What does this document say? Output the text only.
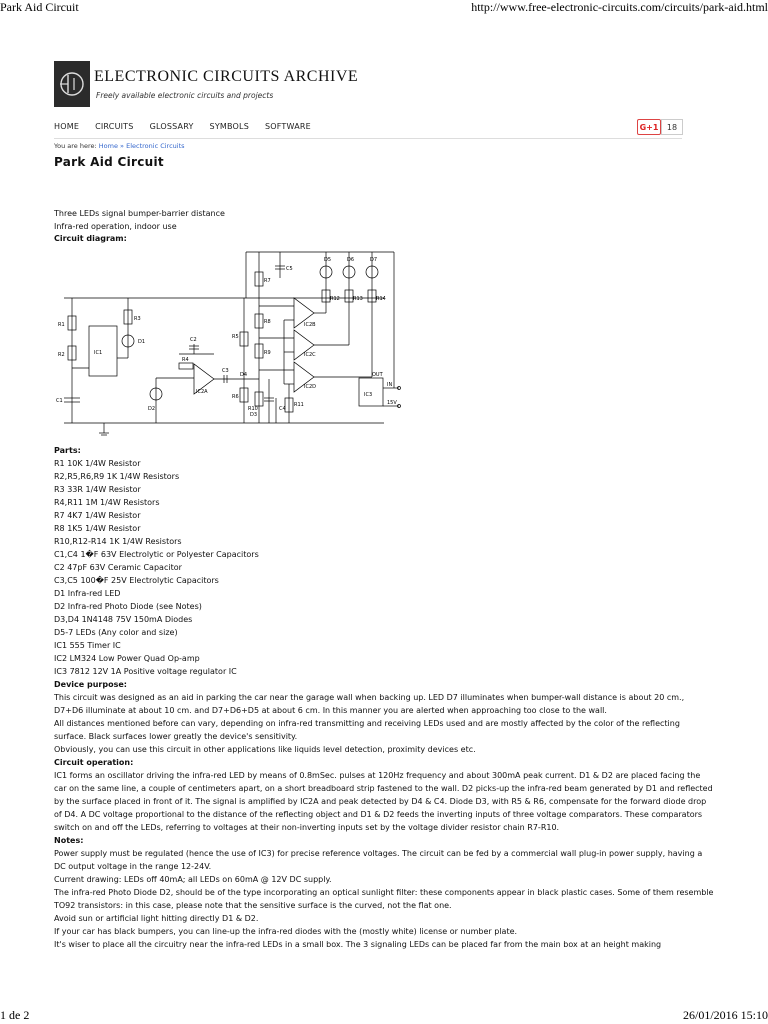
Park Aid Circuit	http://www.free-electronic-circuits.com/circuits/park-aid.html
ELECTRONIC CIRCUITS ARCHIVE
Freely available electronic circuits and projects
HOME CIRCUITS GLOSSARY SYMBOLS SOFTWARE	G+1	18
You are here: Home » Electronic Circuits
Park Aid Circuit
Three LEDs signal bumper-barrier distance
Infra-red operation, indoor use
Circuit diagram:
R1
R2
R3
R4
R5
R6
R7
R8
R9
R10
R11
R12	R13	R14
C1
C2
C3
C4
C5
D1
D2
D3
D4
D5	D6	D7
IC1
IC2A
IC2B
IC2C
IC2D
IC3
OUT
IN
15V
Parts:
R1 10K 1/4W Resistor
R2,R5,R6,R9 1K 1/4W Resistors
R3 33R 1/4W Resistor
R4,R11 1M 1/4W Resistors
R7 4K7 1/4W Resistor
R8 1K5 1/4W Resistor
R10,R12-R14 1K 1/4W Resistors
C1,C4 1�F 63V Electrolytic or Polyester Capacitors
C2 47pF 63V Ceramic Capacitor
C3,C5 100�F 25V Electrolytic Capacitors
D1 Infra-red LED
D2 Infra-red Photo Diode (see Notes)
D3,D4 1N4148 75V 150mA Diodes
D5-7 LEDs (Any color and size)
IC1 555 Timer IC
IC2 LM324 Low Power Quad Op-amp
IC3 7812 12V 1A Positive voltage regulator IC

Device purpose:

This circuit was designed as an aid in parking the car near the garage wall when backing up. LED D7 illuminates when bumper-wall distance is about 20 cm., D7+D6 illuminate at about 10 cm. and D7+D6+D5 at about 6 cm. In this manner you are alerted when approaching too close to the wall.

All distances mentioned before can vary, depending on infra-red transmitting and receiving LEDs used and are mostly affected by the color of the reflecting surface. Black surfaces lower greatly the device's sensitivity.

Obviously, you can use this circuit in other applications like liquids level detection, proximity devices etc.

Circuit operation:

IC1 forms an oscillator driving the infra-red LED by means of 0.8mSec. pulses at 120Hz frequency and about 300mA peak current. D1 & D2 are placed facing the car on the same line, a couple of centimeters apart, on a short breadboard strip fastened to the wall. D2 picks-up the infra-red beam generated by D1 and reflected by the surface placed in front of it. The signal is amplified by IC2A and peak detected by D4 & C4. Diode D3, with R5 & R6, compensate for the forward diode drop of D4. A DC voltage proportional to the distance of the reflecting object and D1 & D2 feeds the inverting inputs of three voltage comparators. These comparators switch on and off the LEDs, referring to voltages at their non-inverting inputs set by the voltage divider resistor chain R7-R10.

Notes:

Power supply must be regulated (hence the use of IC3) for precise reference voltages. The circuit can be fed by a commercial wall plug-in power supply, having a DC output voltage in the range 12-24V.

Current drawing: LEDs off 40mA; all LEDs on 60mA @ 12V DC supply.

The infra-red Photo Diode D2, should be of the type incorporating an optical sunlight filter: these components appear in black plastic cases. Some of them resemble TO92 transistors: in this case, please note that the sensitive surface is the curved, not the flat one.

Avoid sun or artificial light hitting directly D1 & D2.

If your car has black bumpers, you can line-up the infra-red diodes with the (mostly white) license or number plate.

It's wiser to place all the circuitry near the infra-red LEDs in a small box. The 3 signaling LEDs can be placed far from the main box at an height making

1 de 2	26/01/2016 15:10
